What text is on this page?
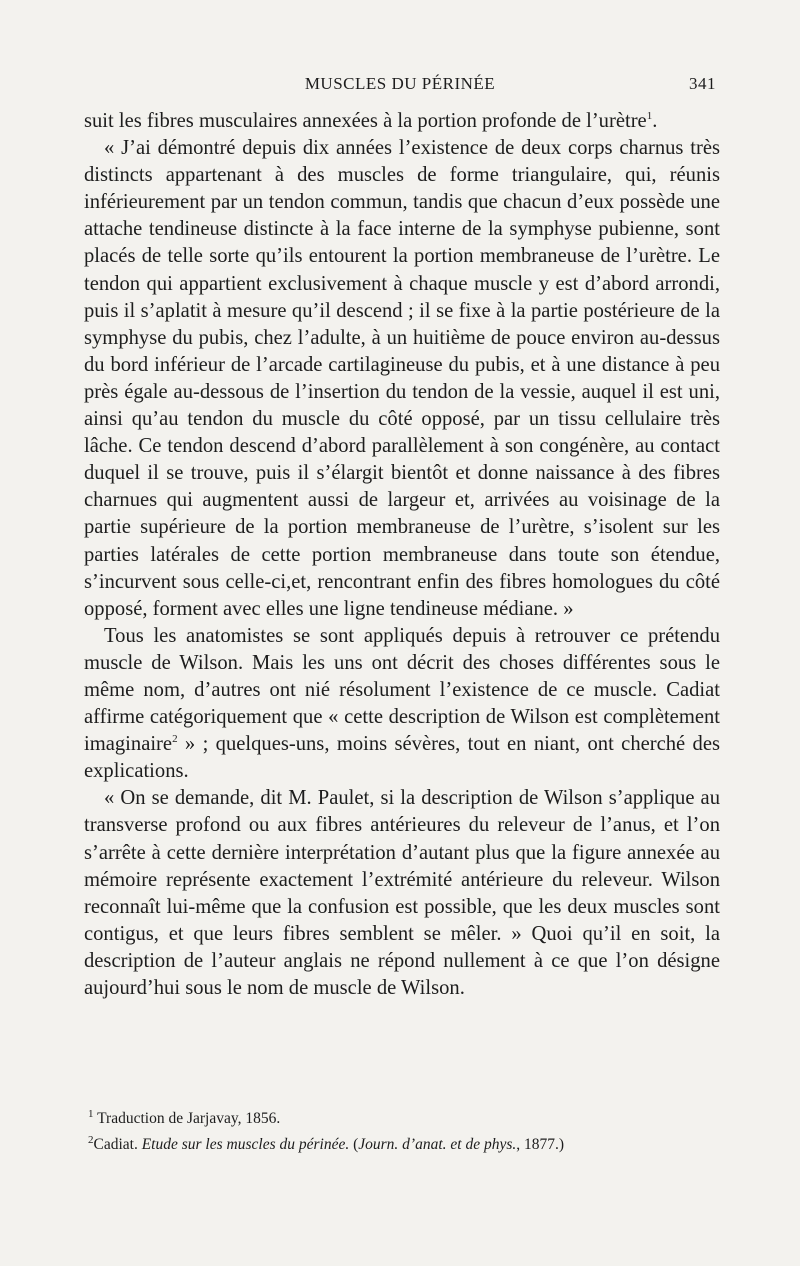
MUSCLES DU PÉRINÉE	341

suit les fibres musculaires annexées à la portion profonde de l’urètre$^1$.

« J’ai démontré depuis dix années l’existence de deux corps charnus très distincts appartenant à des muscles de forme triangulaire, qui, réunis inférieurement par un tendon commun, tandis que chacun d’eux possède une attache tendineuse distincte à la face interne de la symphyse pubienne, sont placés de telle sorte qu’ils entourent la portion membraneuse de l’urètre. Le tendon qui appartient exclusivement à chaque muscle y est d’abord arrondi, puis il s’aplatit à mesure qu’il descend ; il se fixe à la partie postérieure de la symphyse du pubis, chez l’adulte, à un huitième de pouce environ au-dessus du bord inférieur de l’arcade cartilagineuse du pubis, et à une distance à peu près égale au-dessous de l’insertion du tendon de la vessie, auquel il est uni, ainsi qu’au tendon du muscle du côté opposé, par un tissu cellulaire très lâche. Ce tendon descend d’abord parallèlement à son congénère, au contact duquel il se trouve, puis il s’élargit bientôt et donne naissance à des fibres charnues qui augmentent aussi de largeur et, arrivées au voisinage de la partie supérieure de la portion membraneuse de l’urètre, s’isolent sur les parties latérales de cette portion membraneuse dans toute son étendue, s’incurvent sous celle-ci,et, rencontrant enfin des fibres homologues du côté opposé, forment avec elles une ligne tendineuse médiane. »

Tous les anatomistes se sont appliqués depuis à retrouver ce prétendu muscle de Wilson. Mais les uns ont décrit des choses différentes sous le même nom, d’autres ont nié résolument l’existence de ce muscle. Cadiat affirme catégoriquement que « cette description de Wilson est complètement imaginaire$^2$ » ; quelques-uns, moins sévères, tout en niant, ont cherché des explications.

« On se demande, dit M. Paulet, si la description de Wilson s’applique au transverse profond ou aux fibres antérieures du releveur de l’anus, et l’on s’arrête à cette dernière interprétation d’autant plus que la figure annexée au mémoire représente exactement l’extrémité antérieure du releveur. Wilson reconnaît lui-même que la confusion est possible, que les deux muscles sont contigus, et que leurs fibres semblent se mêler. » Quoi qu’il en soit, la description de l’auteur anglais ne répond nullement à ce que l’on désigne aujourd’hui sous le nom de muscle de Wilson.

$^1$ Traduction de Jarjavay, 1856.
$^2$Cadiat. Etude sur les muscles du périnée. (Journ. d’anat. et de phys., 1877.)
